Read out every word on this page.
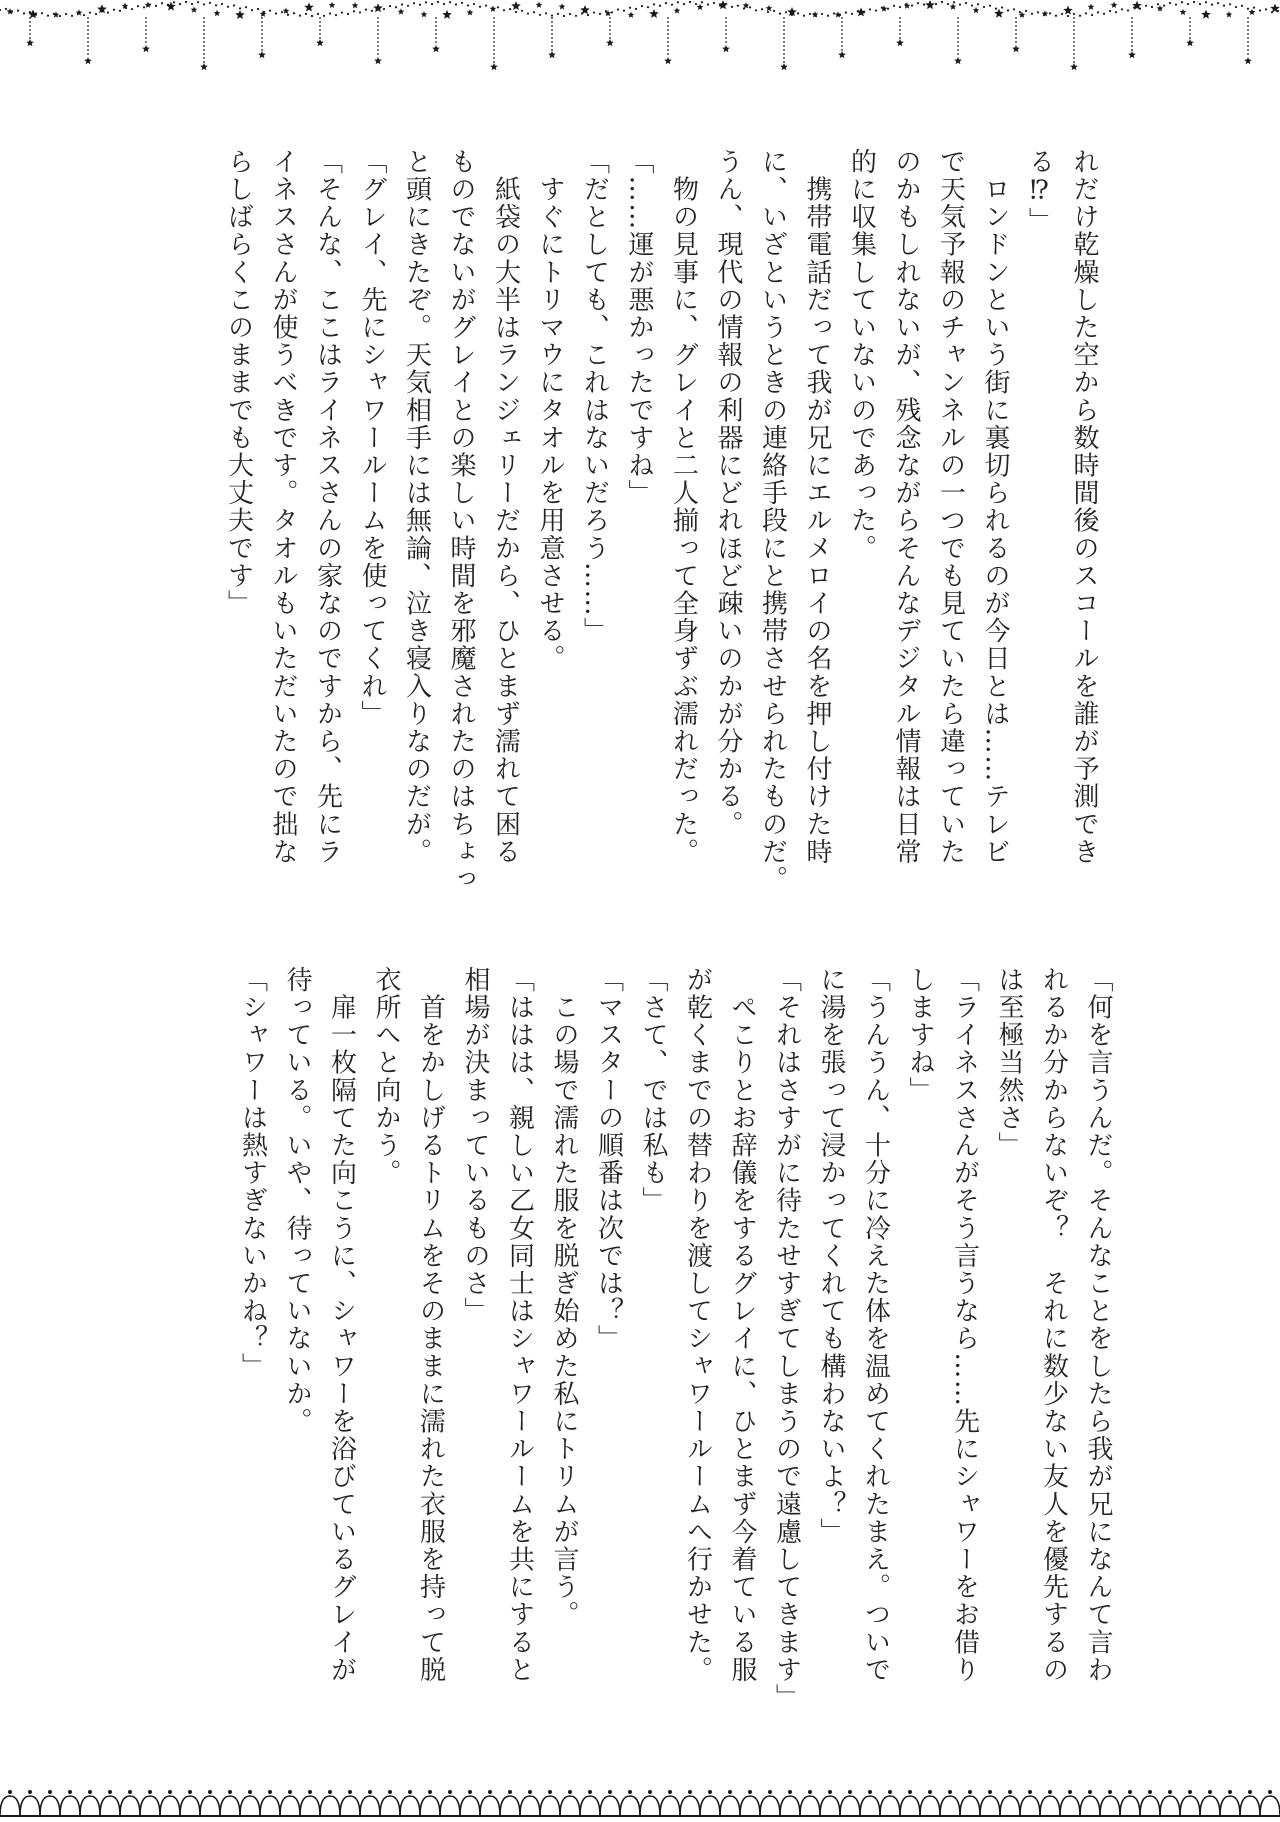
れだけ乾燥した空から数時間後のスコールを誰が予測でき
る⁉」
　ロンドンという街に裏切られるのが今日とは……テレビ
で天気予報のチャンネルの一つでも見ていたら違っていた
のかもしれないが、残念ながらそんなデジタル情報は日常
的に収集していないのであった。
　携帯電話だって我が兄にエルメロイの名を押し付けた時
に、いざというときの連絡手段にと携帯させられたものだ。
うん、現代の情報の利器にどれほど疎いのかが分かる。
　物の見事に、グレイと二人揃って全身ずぶ濡れだった。
「……運が悪かったですね」
「だとしても、これはないだろう……」
　すぐにトリマウにタオルを用意させる。
　紙袋の大半はランジェリーだから、ひとまず濡れて困る
ものでないがグレイとの楽しい時間を邪魔されたのはちょっ
と頭にきたぞ。天気相手には無論、泣き寝入りなのだが。
「グレイ、先にシャワールームを使ってくれ」
「そんな、ここはライネスさんの家なのですから、先にラ
イネスさんが使うべきです。タオルもいただいたので拙な
らしばらくこのままでも大丈夫です」
「何を言うんだ。そんなことをしたら我が兄になんて言わ
れるか分からないぞ？　それに数少ない友人を優先するの
は至極当然さ」
「ライネスさんがそう言うなら……先にシャワーをお借り
しますね」
「うんうん、十分に冷えた体を温めてくれたまえ。ついで
に湯を張って浸かってくれても構わないよ？」
「それはさすがに待たせすぎてしまうので遠慮してきます」
　ぺこりとお辞儀をするグレイに、ひとまず今着ている服
が乾くまでの替わりを渡してシャワールームへ行かせた。
「さて、では私も」
「マスターの順番は次では？」
　この場で濡れた服を脱ぎ始めた私にトリムが言う。
「ははは、親しい乙女同士はシャワールームを共にすると
相場が決まっているものさ」
　首をかしげるトリムをそのままに濡れた衣服を持って脱
衣所へと向かう。
　扉一枚隔てた向こうに、シャワーを浴びているグレイが
待っている。いや、待っていないか。
「シャワーは熱すぎないかね？」
